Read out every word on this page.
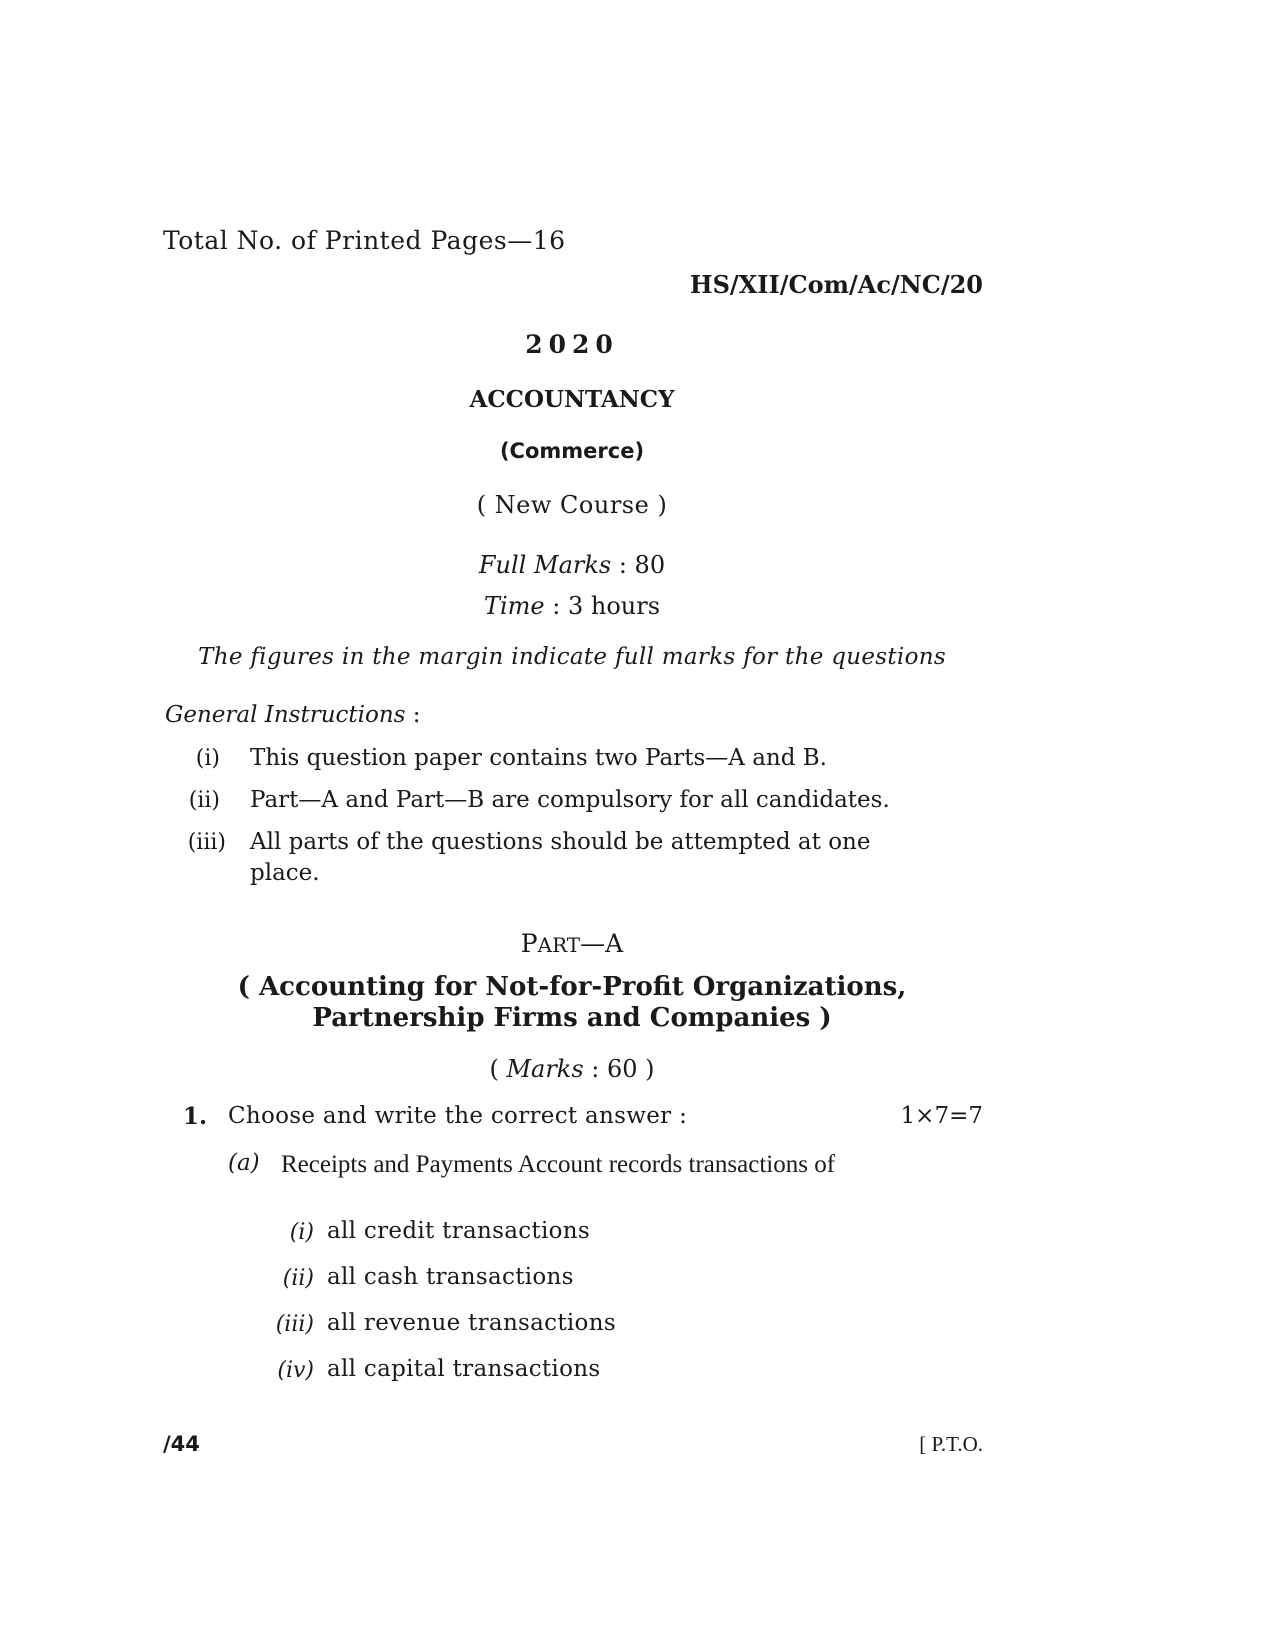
Total No. of Printed Pages—16
HS/XII/Com/Ac/NC/20
2020
ACCOUNTANCY
(Commerce)
( New Course )
Full Marks : 80
Time : 3 hours
The figures in the margin indicate full marks for the questions
General Instructions :
(i) This question paper contains two Parts—A and B.
(ii) Part—A and Part—B are compulsory for all candidates.
(iii) All parts of the questions should be attempted at one place.
PART—A
( Accounting for Not-for-Profit Organizations,
Partnership Firms and Companies )
( Marks : 60 )
1. Choose and write the correct answer :	1×7=7
(a) Receipts and Payments Account records transactions of
(i) all credit transactions
(ii) all cash transactions
(iii) all revenue transactions
(iv) all capital transactions
/44	[ P.T.O.
